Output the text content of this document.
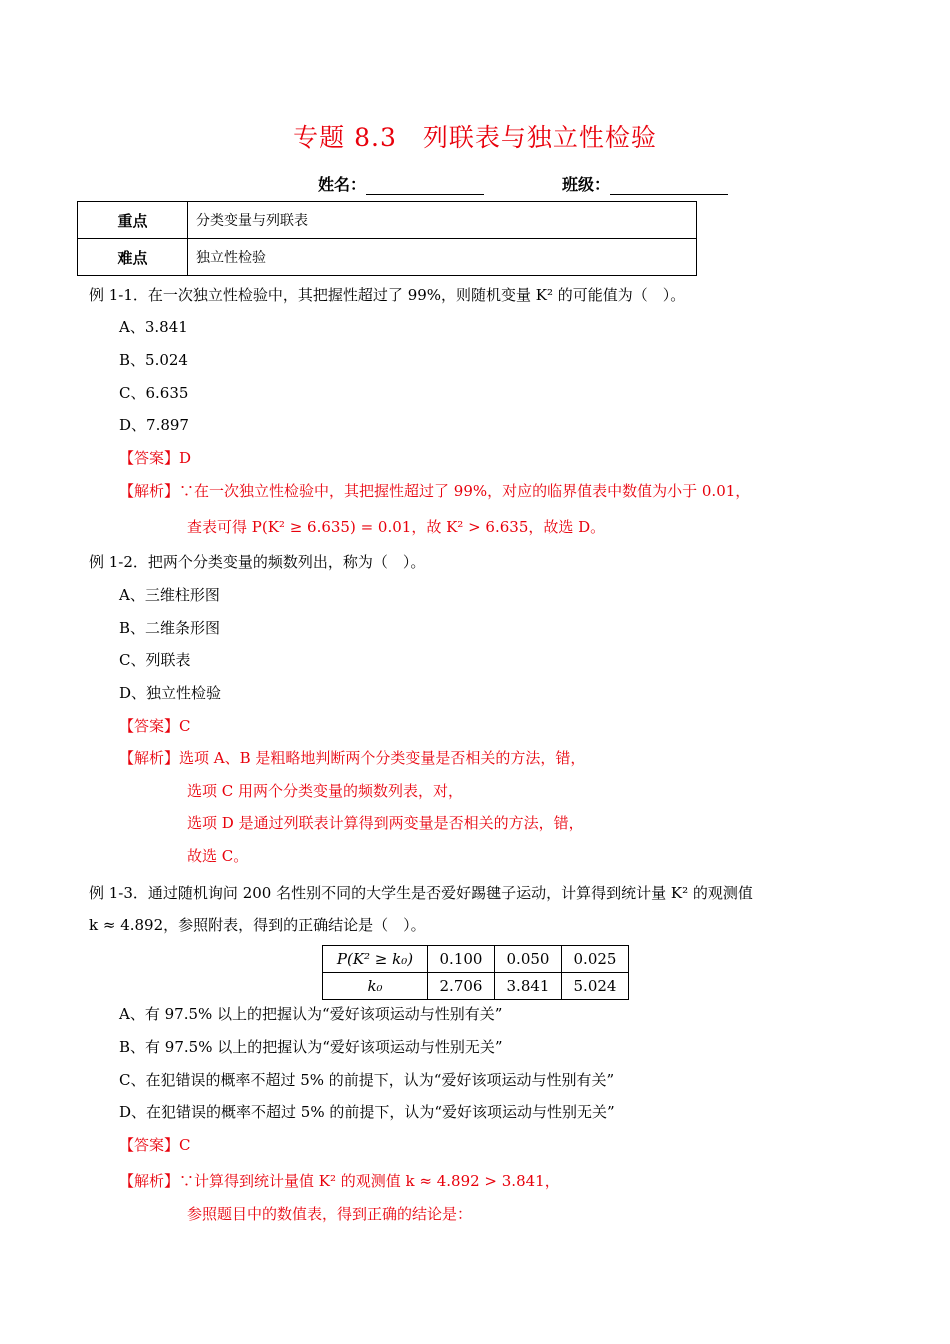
专题 8.3　列联表与独立性检验
姓名：	班级：
重点	分类变量与列联表
难点	独立性检验
例 1-1．在一次独立性检验中，其把握性超过了 99%，则随机变量 K² 的可能值为（　）。
A、3.841
B、5.024
C、6.635
D、7.897
【答案】D
【解析】∵在一次独立性检验中，其把握性超过了 99%，对应的临界值表中数值为小于 0.01，
查表可得 P(K² ≥ 6.635) = 0.01，故 K² > 6.635，故选 D。
例 1-2．把两个分类变量的频数列出，称为（　）。
A、三维柱形图
B、二维条形图
C、列联表
D、独立性检验
【答案】C
【解析】选项 A、B 是粗略地判断两个分类变量是否相关的方法，错，
选项 C 用两个分类变量的频数列表，对，
选项 D 是通过列联表计算得到两变量是否相关的方法，错，
故选 C。
例 1-3．通过随机询问 200 名性别不同的大学生是否爱好踢毽子运动，计算得到统计量 K² 的观测值
k ≈ 4.892，参照附表，得到的正确结论是（　）。
P(K² ≥ k₀)	0.100	0.050	0.025
k₀	2.706	3.841	5.024
A、有 97.5% 以上的把握认为“爱好该项运动与性别有关”
B、有 97.5% 以上的把握认为“爱好该项运动与性别无关”
C、在犯错误的概率不超过 5% 的前提下，认为“爱好该项运动与性别有关”
D、在犯错误的概率不超过 5% 的前提下，认为“爱好该项运动与性别无关”
【答案】C
【解析】∵计算得到统计量值 K² 的观测值 k ≈ 4.892 > 3.841，
参照题目中的数值表，得到正确的结论是：
